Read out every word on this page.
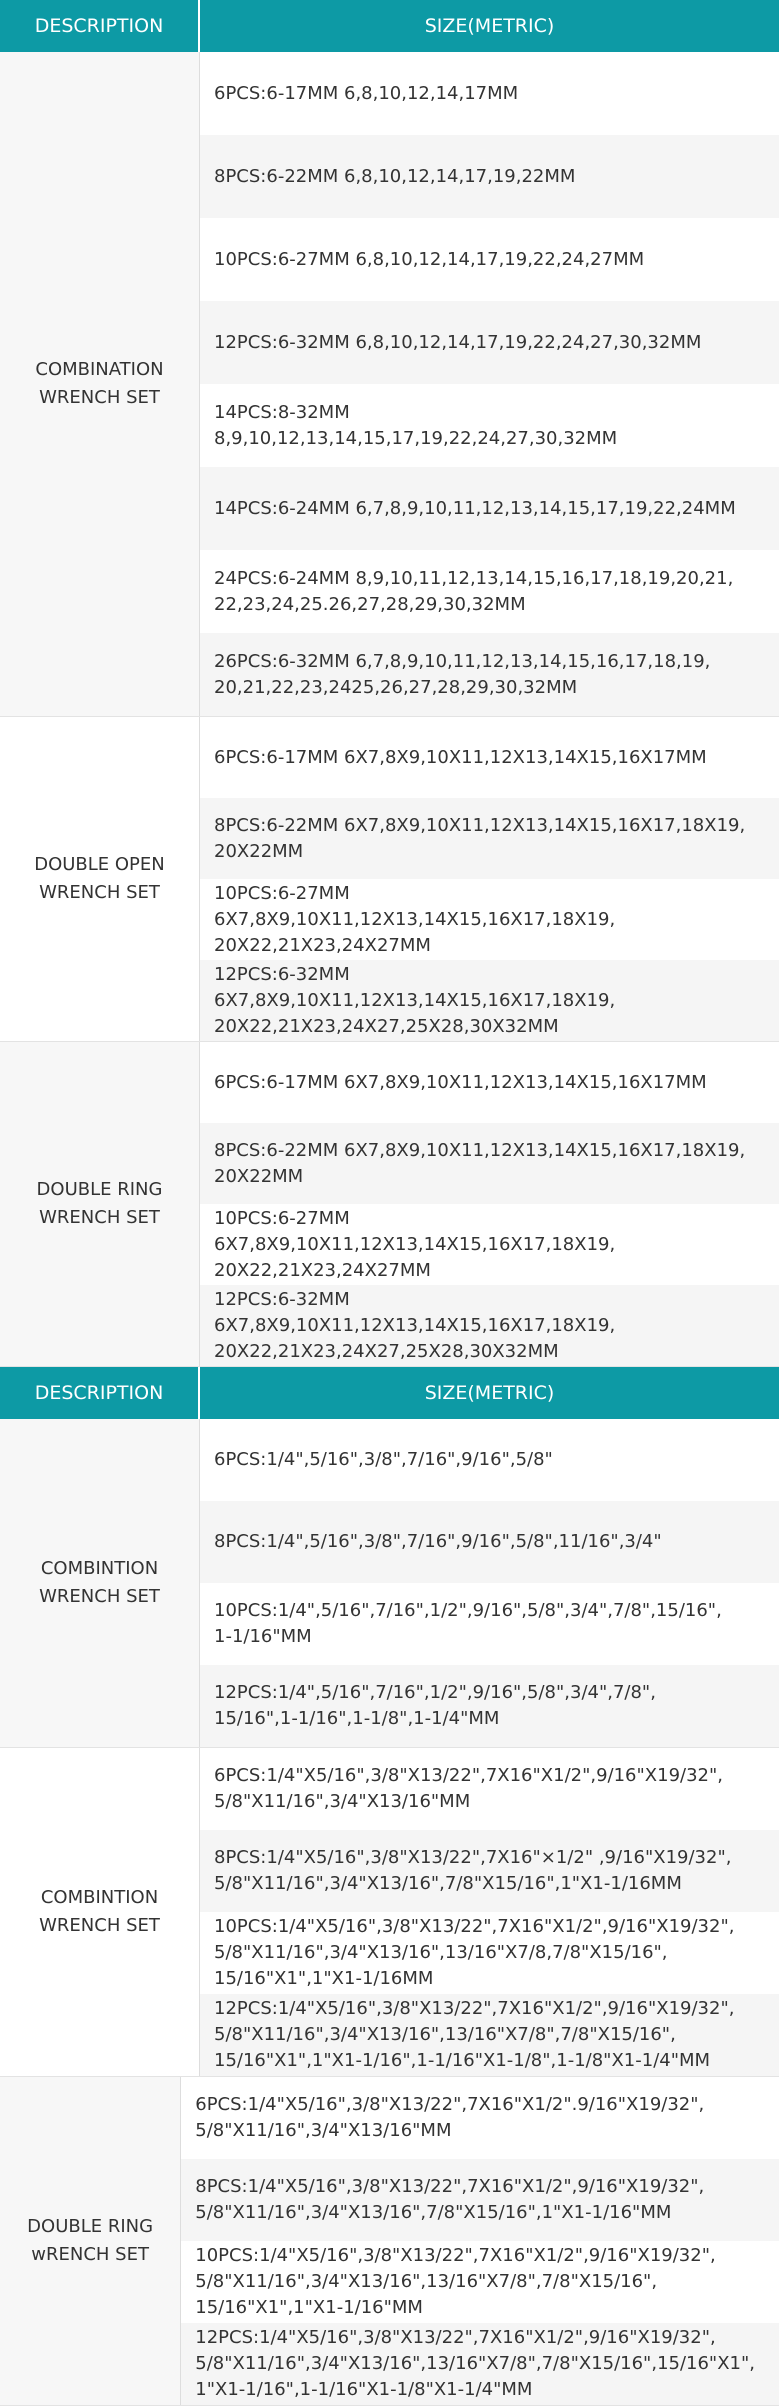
DESCRIPTION	SIZE(METRIC)
COMBINATION
WRENCH SET
6PCS:6-17MM 6,8,10,12,14,17MM
8PCS:6-22MM 6,8,10,12,14,17,19,22MM
10PCS:6-27MM 6,8,10,12,14,17,19,22,24,27MM
12PCS:6-32MM 6,8,10,12,14,17,19,22,24,27,30,32MM
14PCS:8-32MM 8,9,10,12,13,14,15,17,19,22,24,27,30,32MM
14PCS:6-24MM 6,7,8,9,10,11,12,13,14,15,17,19,22,24MM
24PCS:6-24MM 8,9,10,11,12,13,14,15,16,17,18,19,20,21,
22,23,24,25.26,27,28,29,30,32MM
26PCS:6-32MM 6,7,8,9,10,11,12,13,14,15,16,17,18,19,
20,21,22,23,2425,26,27,28,29,30,32MM
DOUBLE OPEN
WRENCH SET
6PCS:6-17MM 6X7,8X9,10X11,12X13,14X15,16X17MM
8PCS:6-22MM 6X7,8X9,10X11,12X13,14X15,16X17,18X19,
20X22MM
10PCS:6-27MM 6X7,8X9,10X11,12X13,14X15,16X17,18X19,
20X22,21X23,24X27MM
12PCS:6-32MM 6X7,8X9,10X11,12X13,14X15,16X17,18X19,
20X22,21X23,24X27,25X28,30X32MM
DOUBLE RING
WRENCH SET
6PCS:6-17MM 6X7,8X9,10X11,12X13,14X15,16X17MM
8PCS:6-22MM 6X7,8X9,10X11,12X13,14X15,16X17,18X19,
20X22MM
10PCS:6-27MM 6X7,8X9,10X11,12X13,14X15,16X17,18X19,
20X22,21X23,24X27MM
12PCS:6-32MM 6X7,8X9,10X11,12X13,14X15,16X17,18X19,
20X22,21X23,24X27,25X28,30X32MM
DESCRIPTION	SIZE(METRIC)
COMBINTION
WRENCH SET
6PCS:1/4",5/16",3/8",7/16",9/16",5/8"
8PCS:1/4",5/16",3/8",7/16",9/16",5/8",11/16",3/4"
10PCS:1/4",5/16",7/16",1/2",9/16",5/8",3/4",7/8",15/16",
1-1/16"MM
12PCS:1/4",5/16",7/16",1/2",9/16",5/8",3/4",7/8",
15/16",1-1/16",1-1/8",1-1/4"MM
COMBINTION
WRENCH SET
6PCS:1/4"X5/16",3/8"X13/22",7X16"X1/2",9/16"X19/32",
5/8"X11/16",3/4"X13/16"MM
8PCS:1/4"X5/16",3/8"X13/22",7X16"×1/2" ,9/16"X19/32",
5/8"X11/16",3/4"X13/16",7/8"X15/16",1"X1-1/16MM
10PCS:1/4"X5/16",3/8"X13/22",7X16"X1/2",9/16"X19/32",
5/8"X11/16",3/4"X13/16",13/16"X7/8,7/8"X15/16",
15/16"X1",1"X1-1/16MM
12PCS:1/4"X5/16",3/8"X13/22",7X16"X1/2",9/16"X19/32",
5/8"X11/16",3/4"X13/16",13/16"X7/8",7/8"X15/16",
15/16"X1",1"X1-1/16",1-1/16"X1-1/8",1-1/8"X1-1/4"MM
DOUBLE RING
wRENCH SET
6PCS:1/4"X5/16",3/8"X13/22",7X16"X1/2".9/16"X19/32",
5/8"X11/16",3/4"X13/16"MM
8PCS:1/4"X5/16",3/8"X13/22",7X16"X1/2",9/16"X19/32",
5/8"X11/16",3/4"X13/16",7/8"X15/16",1"X1-1/16"MM
10PCS:1/4"X5/16",3/8"X13/22",7X16"X1/2",9/16"X19/32",
5/8"X11/16",3/4"X13/16",13/16"X7/8",7/8"X15/16",
15/16"X1",1"X1-1/16"MM
12PCS:1/4"X5/16",3/8"X13/22",7X16"X1/2",9/16"X19/32",
5/8"X11/16",3/4"X13/16",13/16"X7/8",7/8"X15/16",15/16"X1",
1"X1-1/16",1-1/16"X1-1/8"X1-1/4"MM
